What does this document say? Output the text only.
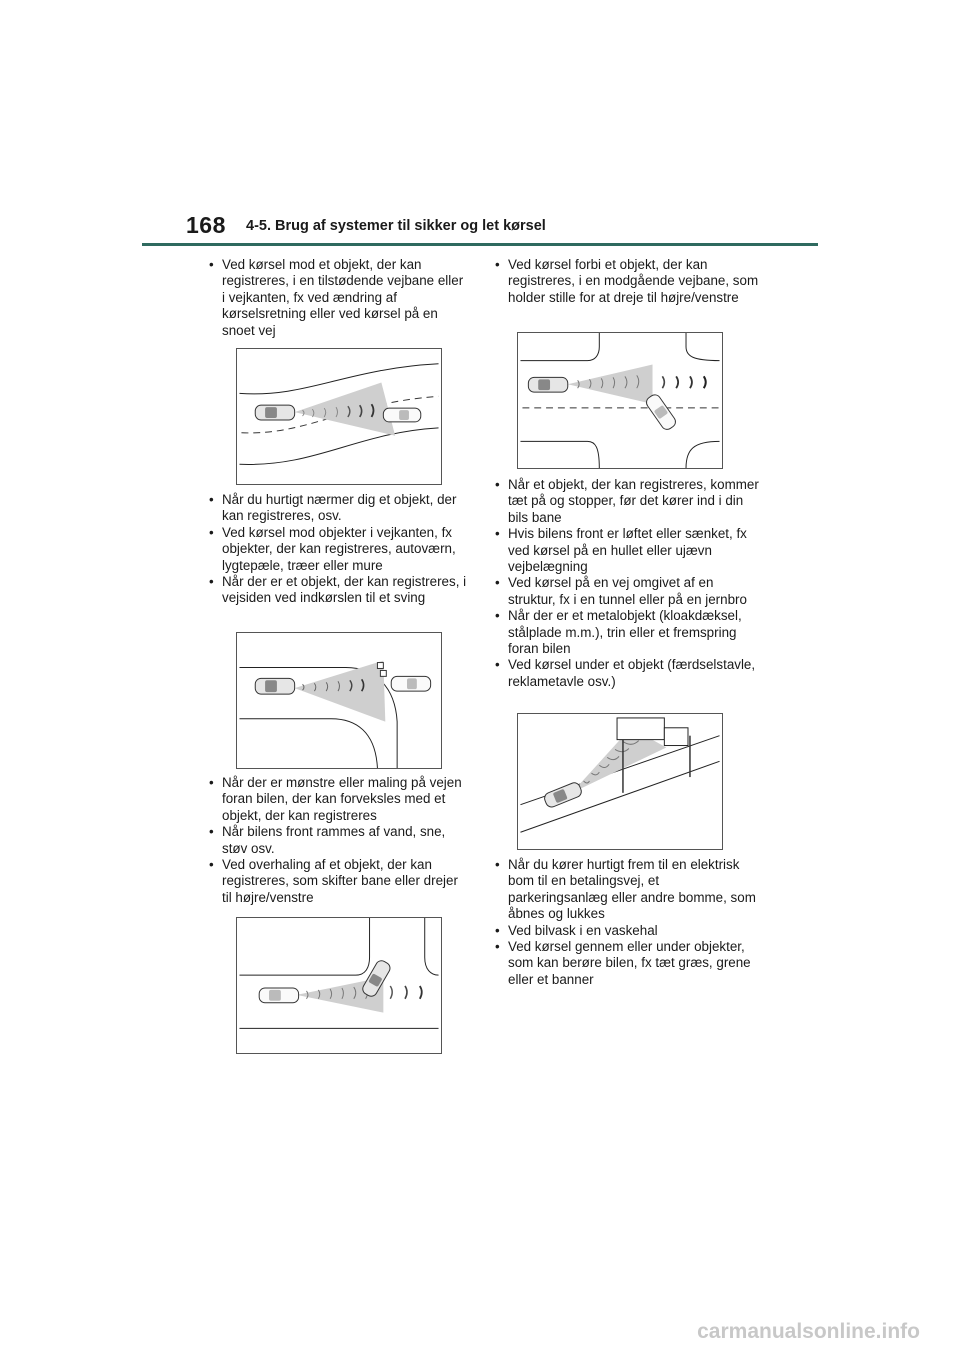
168 4-5. Brug af systemer til sikker og let kørsel
• Ved kørsel mod et objekt, der kan registreres, i en tilstødende vejbane eller i vejkanten, fx ved ændring af kørselsretning eller ved kørsel på en snoet vej
• Når du hurtigt nærmer dig et objekt, der kan registreres, osv.
• Ved kørsel mod objekter i vejkanten, fx objekter, der kan registreres, autoværn, lygtepæle, træer eller mure
• Når der er et objekt, der kan registreres, i vejsiden ved indkørslen til et sving
• Når der er mønstre eller maling på vejen foran bilen, der kan forveksles med et objekt, der kan registreres
• Når bilens front rammes af vand, sne, støv osv.
• Ved overhaling af et objekt, der kan registreres, som skifter bane eller drejer til højre/venstre
• Ved kørsel forbi et objekt, der kan registreres, i en modgående vejbane, som holder stille for at dreje til højre/venstre
• Når et objekt, der kan registreres, kommer tæt på og stopper, før det kører ind i din bils bane
• Hvis bilens front er løftet eller sænket, fx ved kørsel på en hullet eller ujævn vejbelægning
• Ved kørsel på en vej omgivet af en struktur, fx i en tunnel eller på en jernbro
• Når der er et metalobjekt (kloakdæksel, stålplade m.m.), trin eller et fremspring foran bilen
• Ved kørsel under et objekt (færdselstavle, reklametavle osv.)
• Når du kører hurtigt frem til en elektrisk bom til en betalingsvej, et parkeringsanlæg eller andre bomme, som åbnes og lukkes
• Ved bilvask i en vaskehal
• Ved kørsel gennem eller under objekter, som kan berøre bilen, fx tæt græs, grene eller et banner
carmanualsonline.info
